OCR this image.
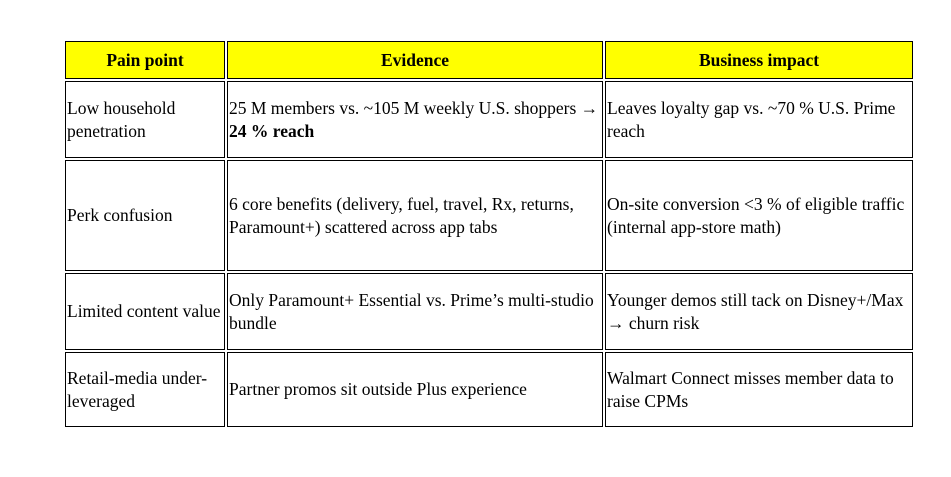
Pain point	Evidence	Business impact
Low household penetration	25 M members vs. ~105 M weekly U.S. shoppers → 24 % reach	Leaves loyalty gap vs. ~70 % U.S. Prime reach
Perk confusion	6 core benefits (delivery, fuel, travel, Rx, returns, Paramount+) scattered across app tabs	On-site conversion <3 % of eligible traffic (internal app-store math)
Limited content value	Only Paramount+ Essential vs. Prime’s multi-studio bundle	Younger demos still tack on Disney+/Max → churn risk
Retail-media under-leveraged	Partner promos sit outside Plus experience	Walmart Connect misses member data to raise CPMs
